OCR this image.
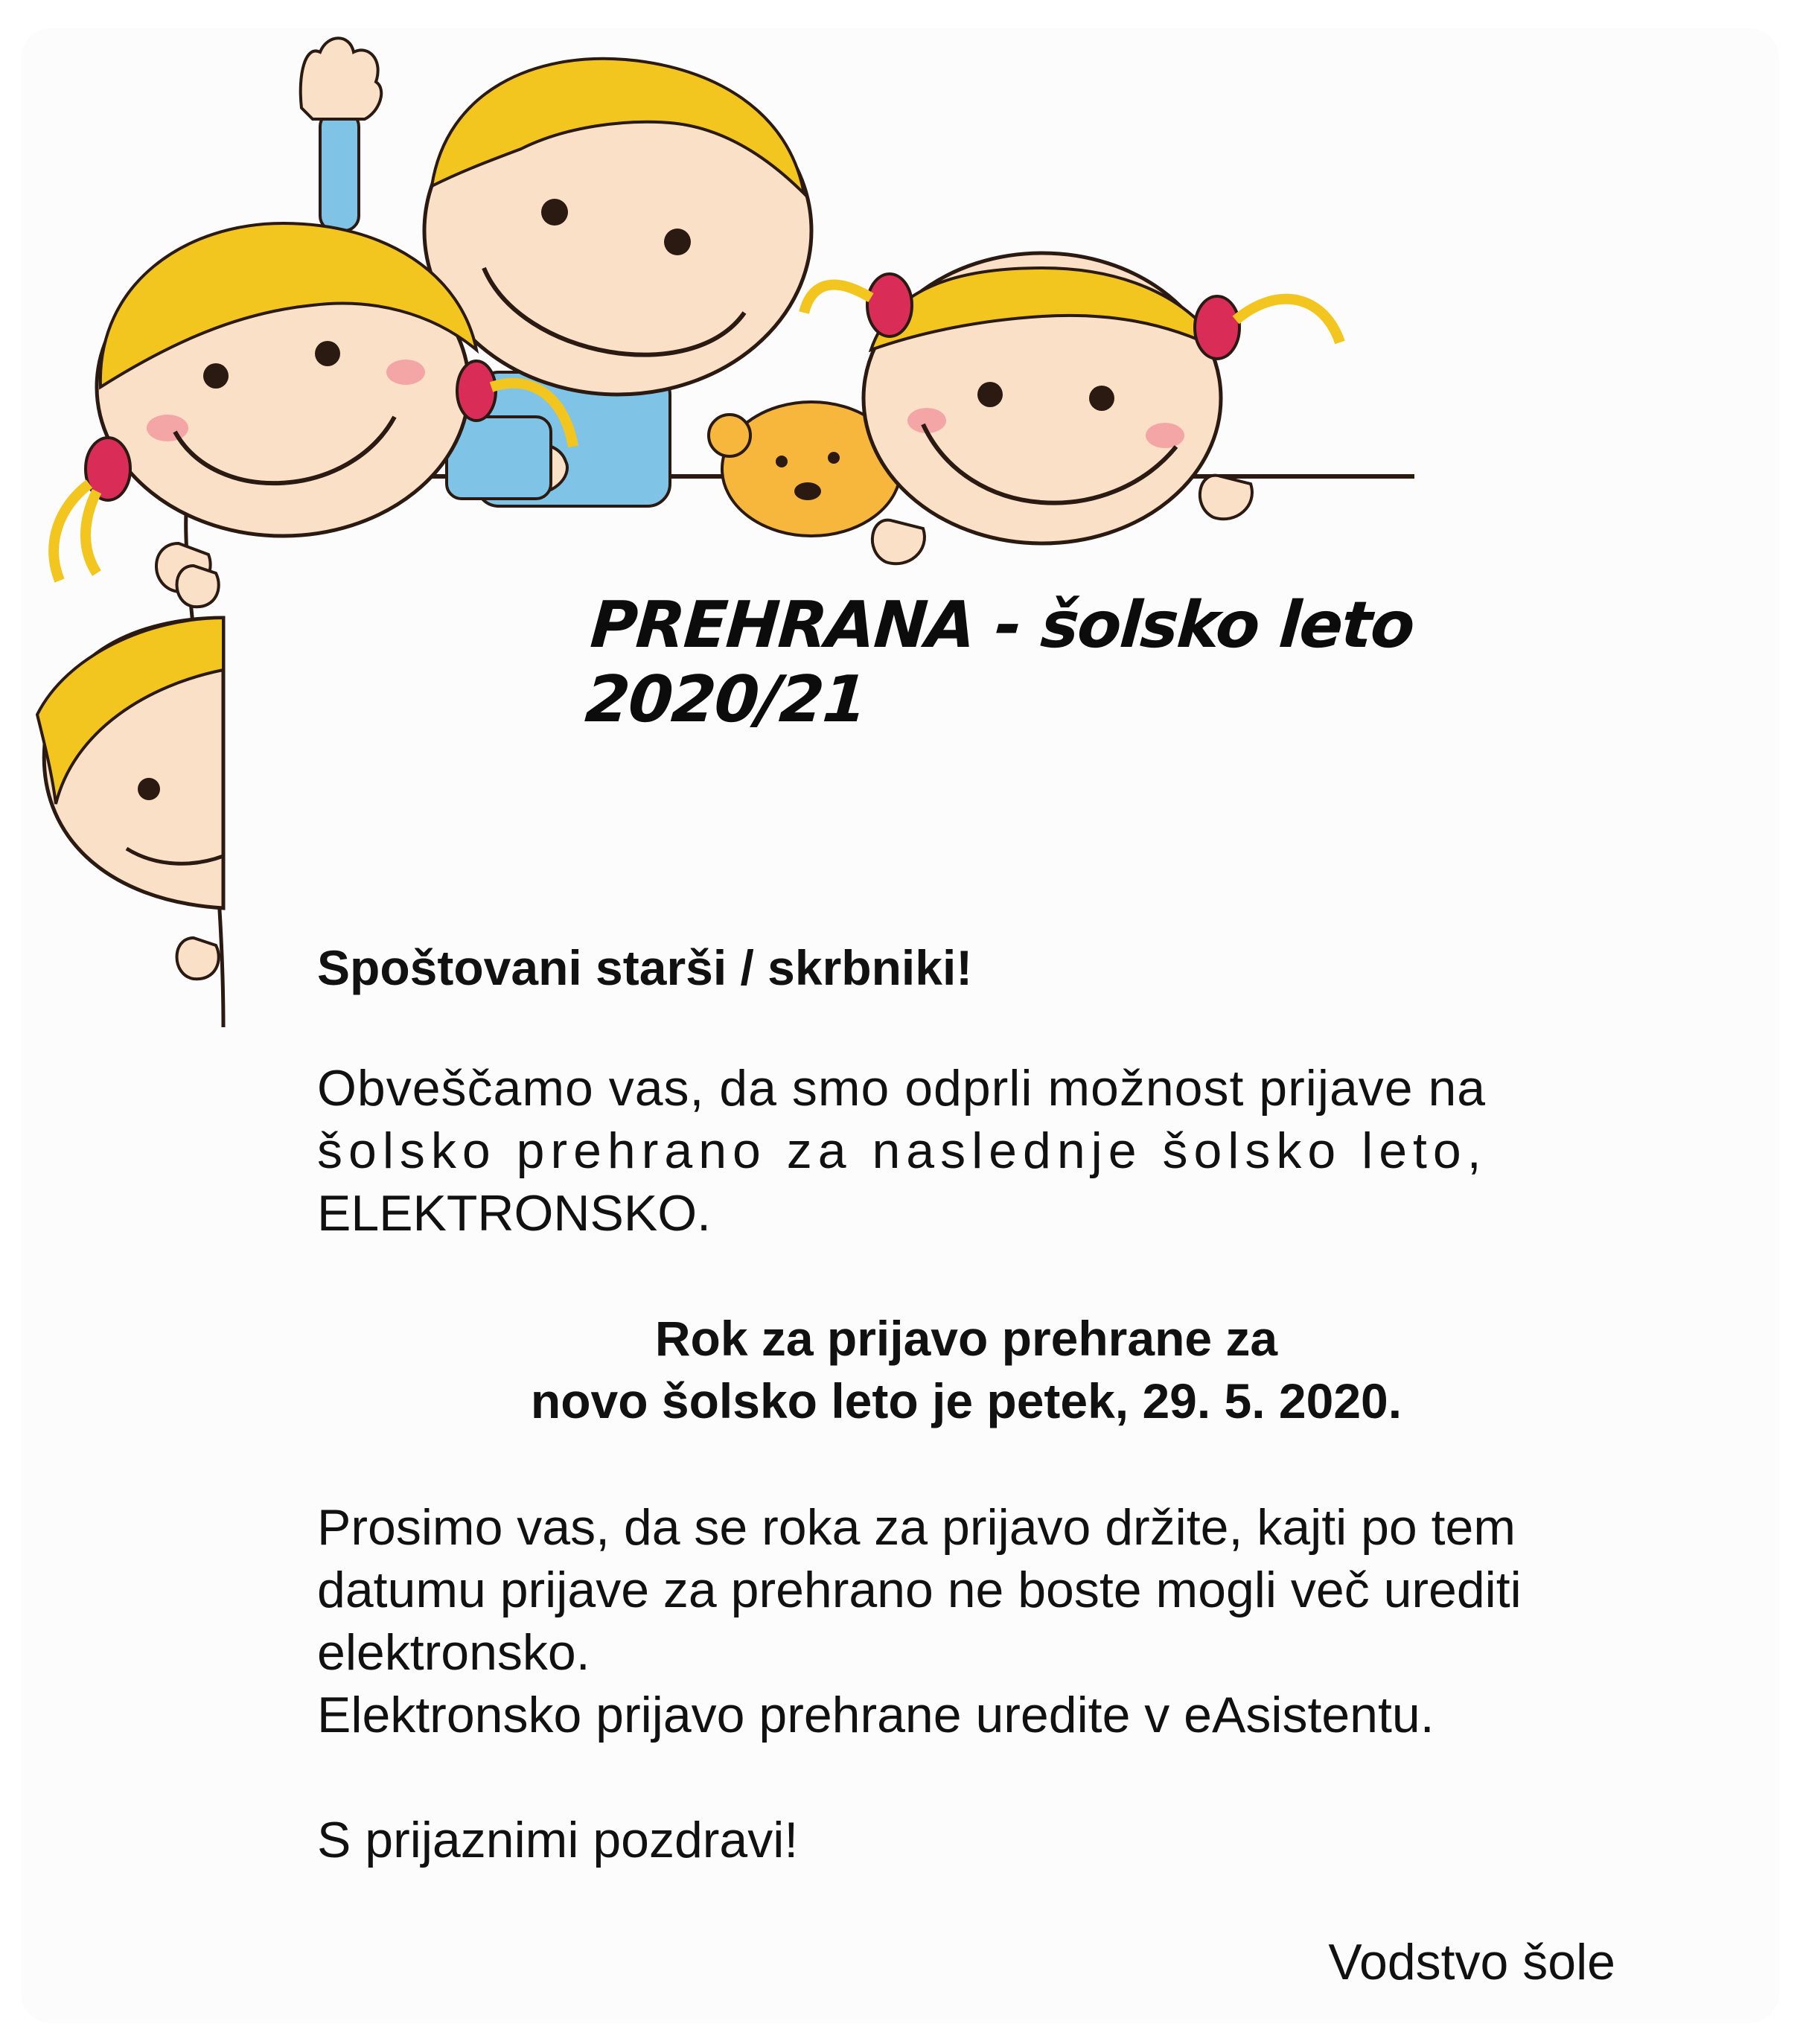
PREHRANA - šolsko leto 2020/21
Spoštovani starši / skrbniki!
Obveščamo vas, da smo odprli možnost prijave na
šolsko prehrano za naslednje šolsko leto,
ELEKTRONSKO.
Rok za prijavo prehrane za
novo šolsko leto je petek, 29. 5. 2020.
Prosimo vas, da se roka za prijavo držite, kajti po tem
datumu prijave za prehrano ne boste mogli več urediti
elektronsko.
Elektronsko prijavo prehrane uredite v eAsistentu.
S prijaznimi pozdravi!
Vodstvo šole
